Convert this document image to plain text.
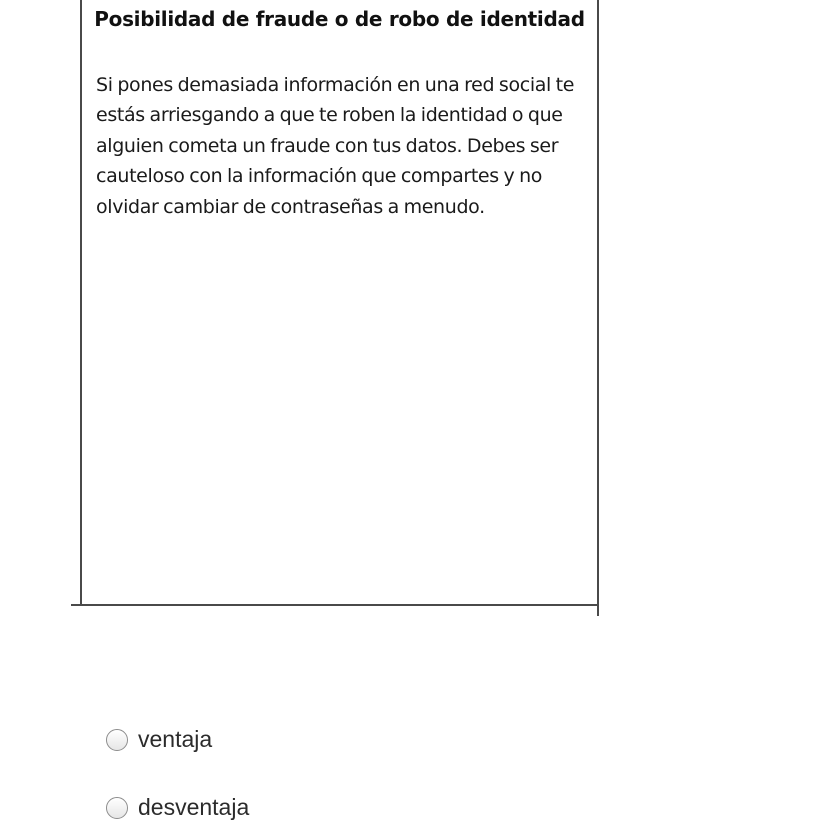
Posibilidad de fraude o de robo de identidad
Si pones demasiada información en una red social te estás arriesgando a que te roben la identidad o que alguien cometa un fraude con tus datos. Debes ser cauteloso con la información que compartes y no olvidar cambiar de contraseñas a menudo.
ventaja
desventaja
